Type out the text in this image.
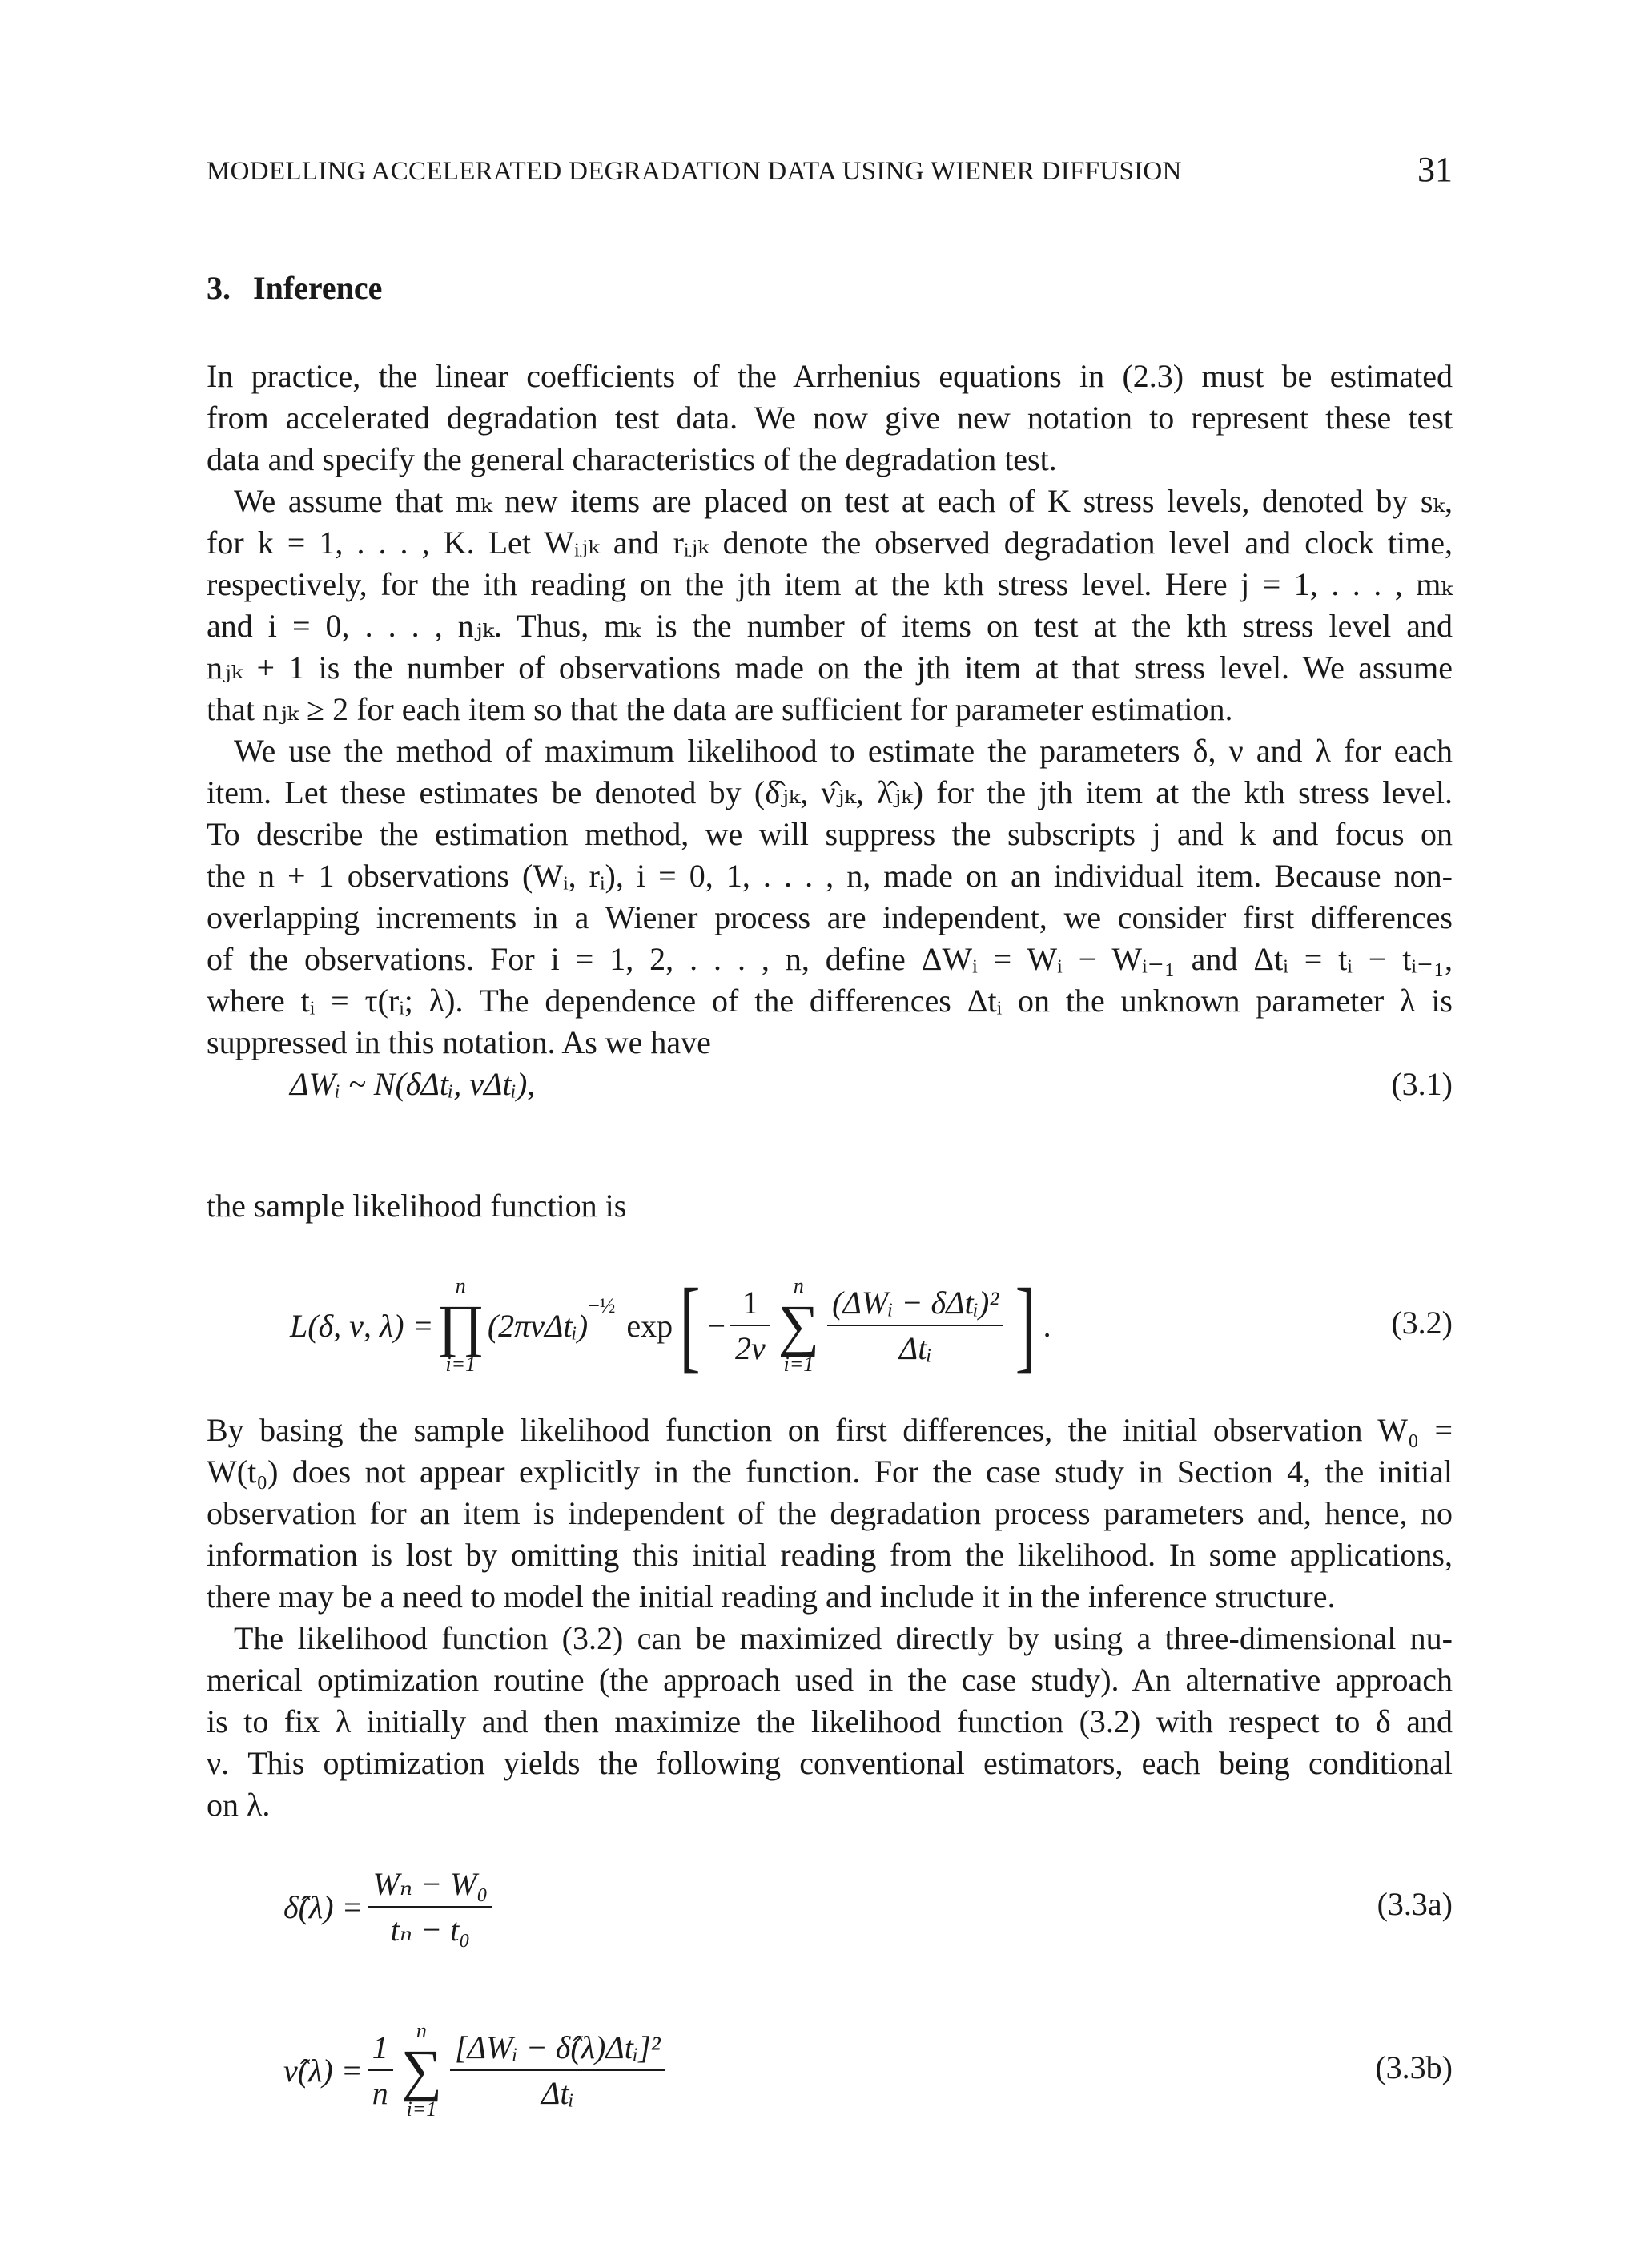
MODELLING ACCELERATED DEGRADATION DATA USING WIENER DIFFUSION	31
3. Inference
In practice, the linear coefficients of the Arrhenius equations in (2.3) must be estimated
from accelerated degradation test data. We now give new notation to represent these test
data and specify the general characteristics of the degradation test.
We assume that mₖ new items are placed on test at each of K stress levels, denoted by sₖ,
for k = 1, . . . , K. Let Wᵢⱼₖ and rᵢⱼₖ denote the observed degradation level and clock time,
respectively, for the ith reading on the jth item at the kth stress level. Here j = 1, . . . , mₖ
and i = 0, . . . , nⱼₖ. Thus, mₖ is the number of items on test at the kth stress level and
nⱼₖ + 1 is the number of observations made on the jth item at that stress level. We assume
that nⱼₖ ≥ 2 for each item so that the data are sufficient for parameter estimation.
We use the method of maximum likelihood to estimate the parameters δ, ν and λ for each
item. Let these estimates be denoted by (δ̂ⱼₖ, ν̂ⱼₖ, λ̂ⱼₖ) for the jth item at the kth stress level.
To describe the estimation method, we will suppress the subscripts j and k and focus on
the n + 1 observations (Wᵢ, rᵢ), i = 0, 1, . . . , n, made on an individual item. Because non-
overlapping increments in a Wiener process are independent, we consider first differences
of the observations. For i = 1, 2, . . . , n, define ΔWᵢ = Wᵢ − Wᵢ₋₁ and Δtᵢ = tᵢ − tᵢ₋₁,
where tᵢ = τ(rᵢ; λ). The dependence of the differences Δtᵢ on the unknown parameter λ is
suppressed in this notation. As we have
ΔWᵢ ~ N(δΔtᵢ, νΔtᵢ),	(3.1)
the sample likelihood function is
L(δ, ν, λ) =
n
∏
i=1
(2πνΔtᵢ)
$^{-\frac{1}{2}}$
exp [ − $\frac{1}{2\nu}$	n
∑
$i=1 \frac{\text{(ΔWᵢ − δΔtᵢ)²}}{\text{Δtᵢ}}$ ] .	(3.2)
By basing the sample likelihood function on first differences, the initial observation W₀ =
W(t₀) does not appear explicitly in the function. For the case study in Section 4, the initial
observation for an item is independent of the degradation process parameters and, hence, no
information is lost by omitting this initial reading from the likelihood. In some applications,
there may be a need to model the initial reading and include it in the inference structure.
The likelihood function (3.2) can be maximized directly by using a three-dimensional nu-
merical optimization routine (the approach used in the case study). An alternative approach
is to fix λ initially and then maximize the likelihood function (3.2) with respect to δ and
ν. This optimization yields the following conventional estimators, each being conditional
on λ.
δ̂(λ) = $\frac{\text{Wₙ − W₀}}{\text{tₙ − t₀}}$	(3.3a)
ν̂(λ) = $\frac{1}{n}$	n
∑
$i=1 \frac{\text{[ΔWᵢ − δ̂(λ)Δtᵢ]²}}{\text{Δtᵢ}}$	(3.3b)
